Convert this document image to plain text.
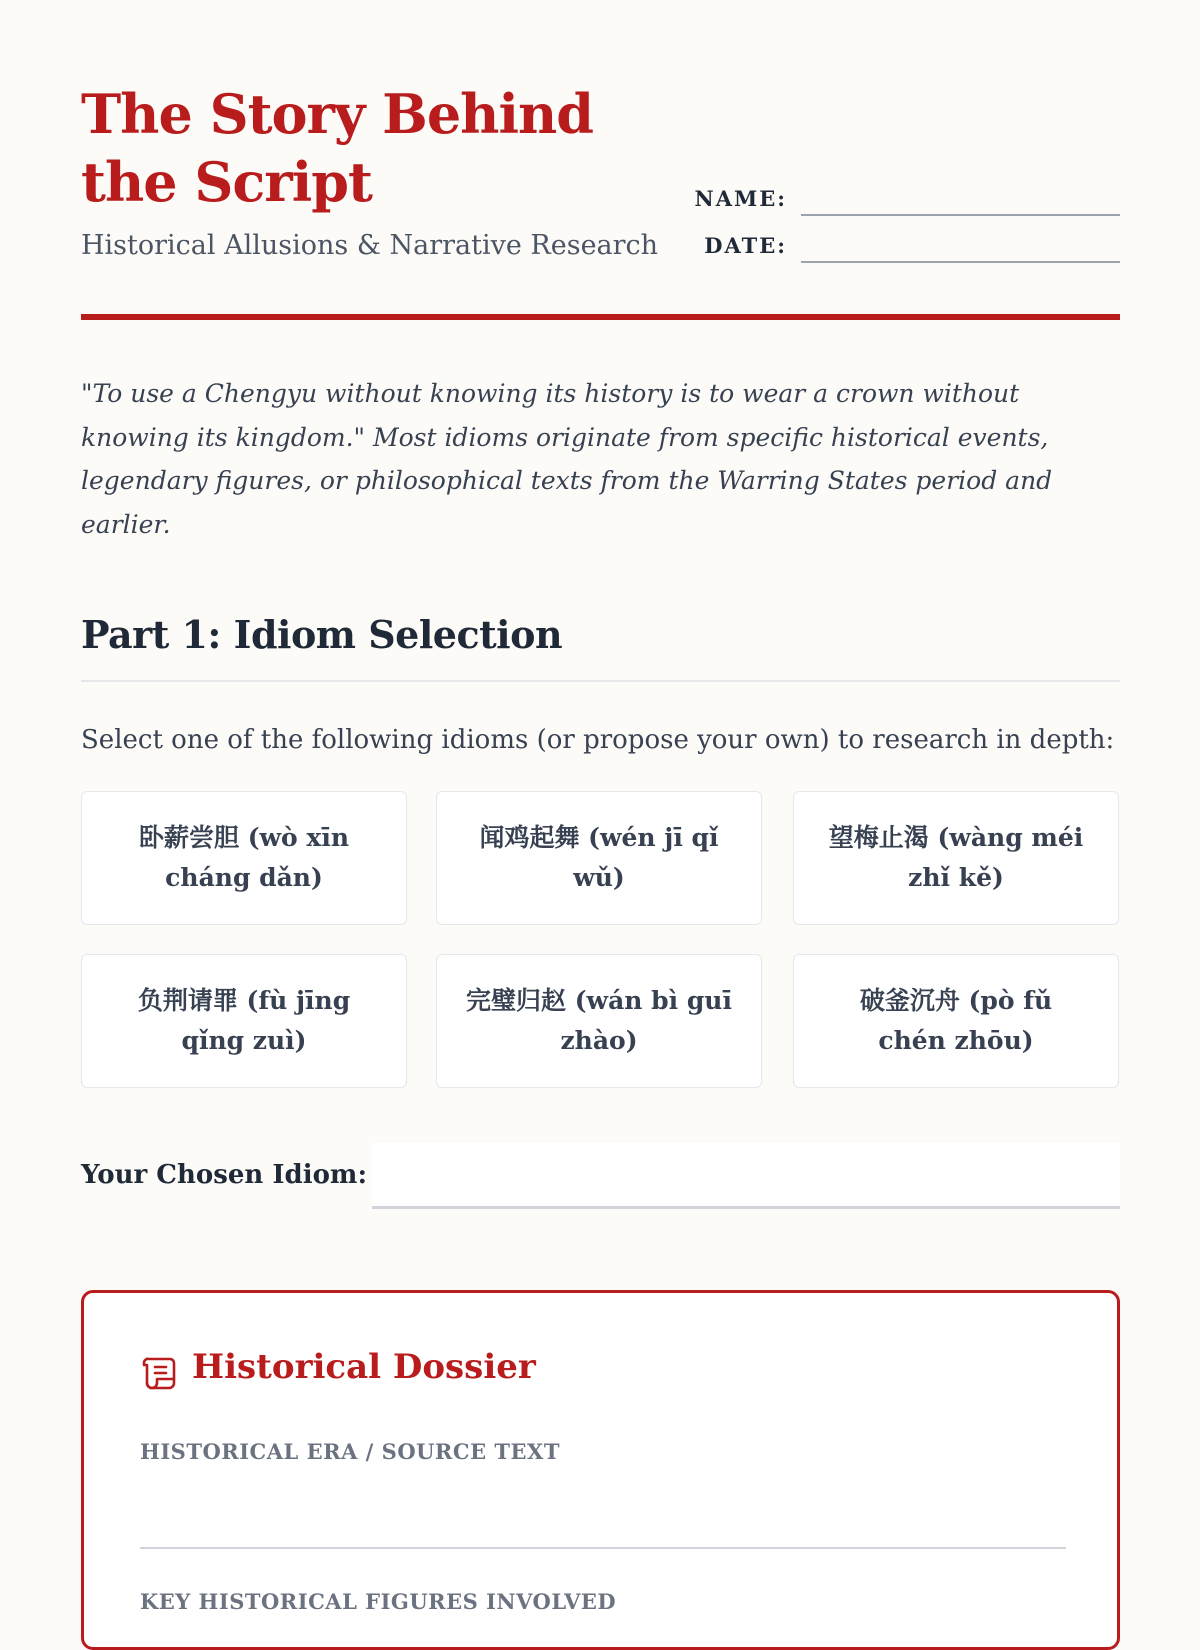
The Story Behind the Script
Historical Allusions & Narrative Research
NAME:
DATE:

"To use a Chengyu without knowing its history is to wear a crown without knowing its kingdom." Most idioms originate from specific historical events, legendary figures, or philosophical texts from the Warring States period and earlier.

Part 1: Idiom Selection
Select one of the following idioms (or propose your own) to research in depth:
卧薪尝胆 (wò xīn cháng dǎn)
闻鸡起舞 (wén jī qǐ wǔ)
望梅止渴 (wàng méi zhǐ kě)
负荆请罪 (fù jīng qǐng zuì)
完璧归赵 (wán bì guī zhào)
破釜沉舟 (pò fǔ chén zhōu)
Your Chosen Idiom:
Historical Dossier
HISTORICAL ERA / SOURCE TEXT
KEY HISTORICAL FIGURES INVOLVED
